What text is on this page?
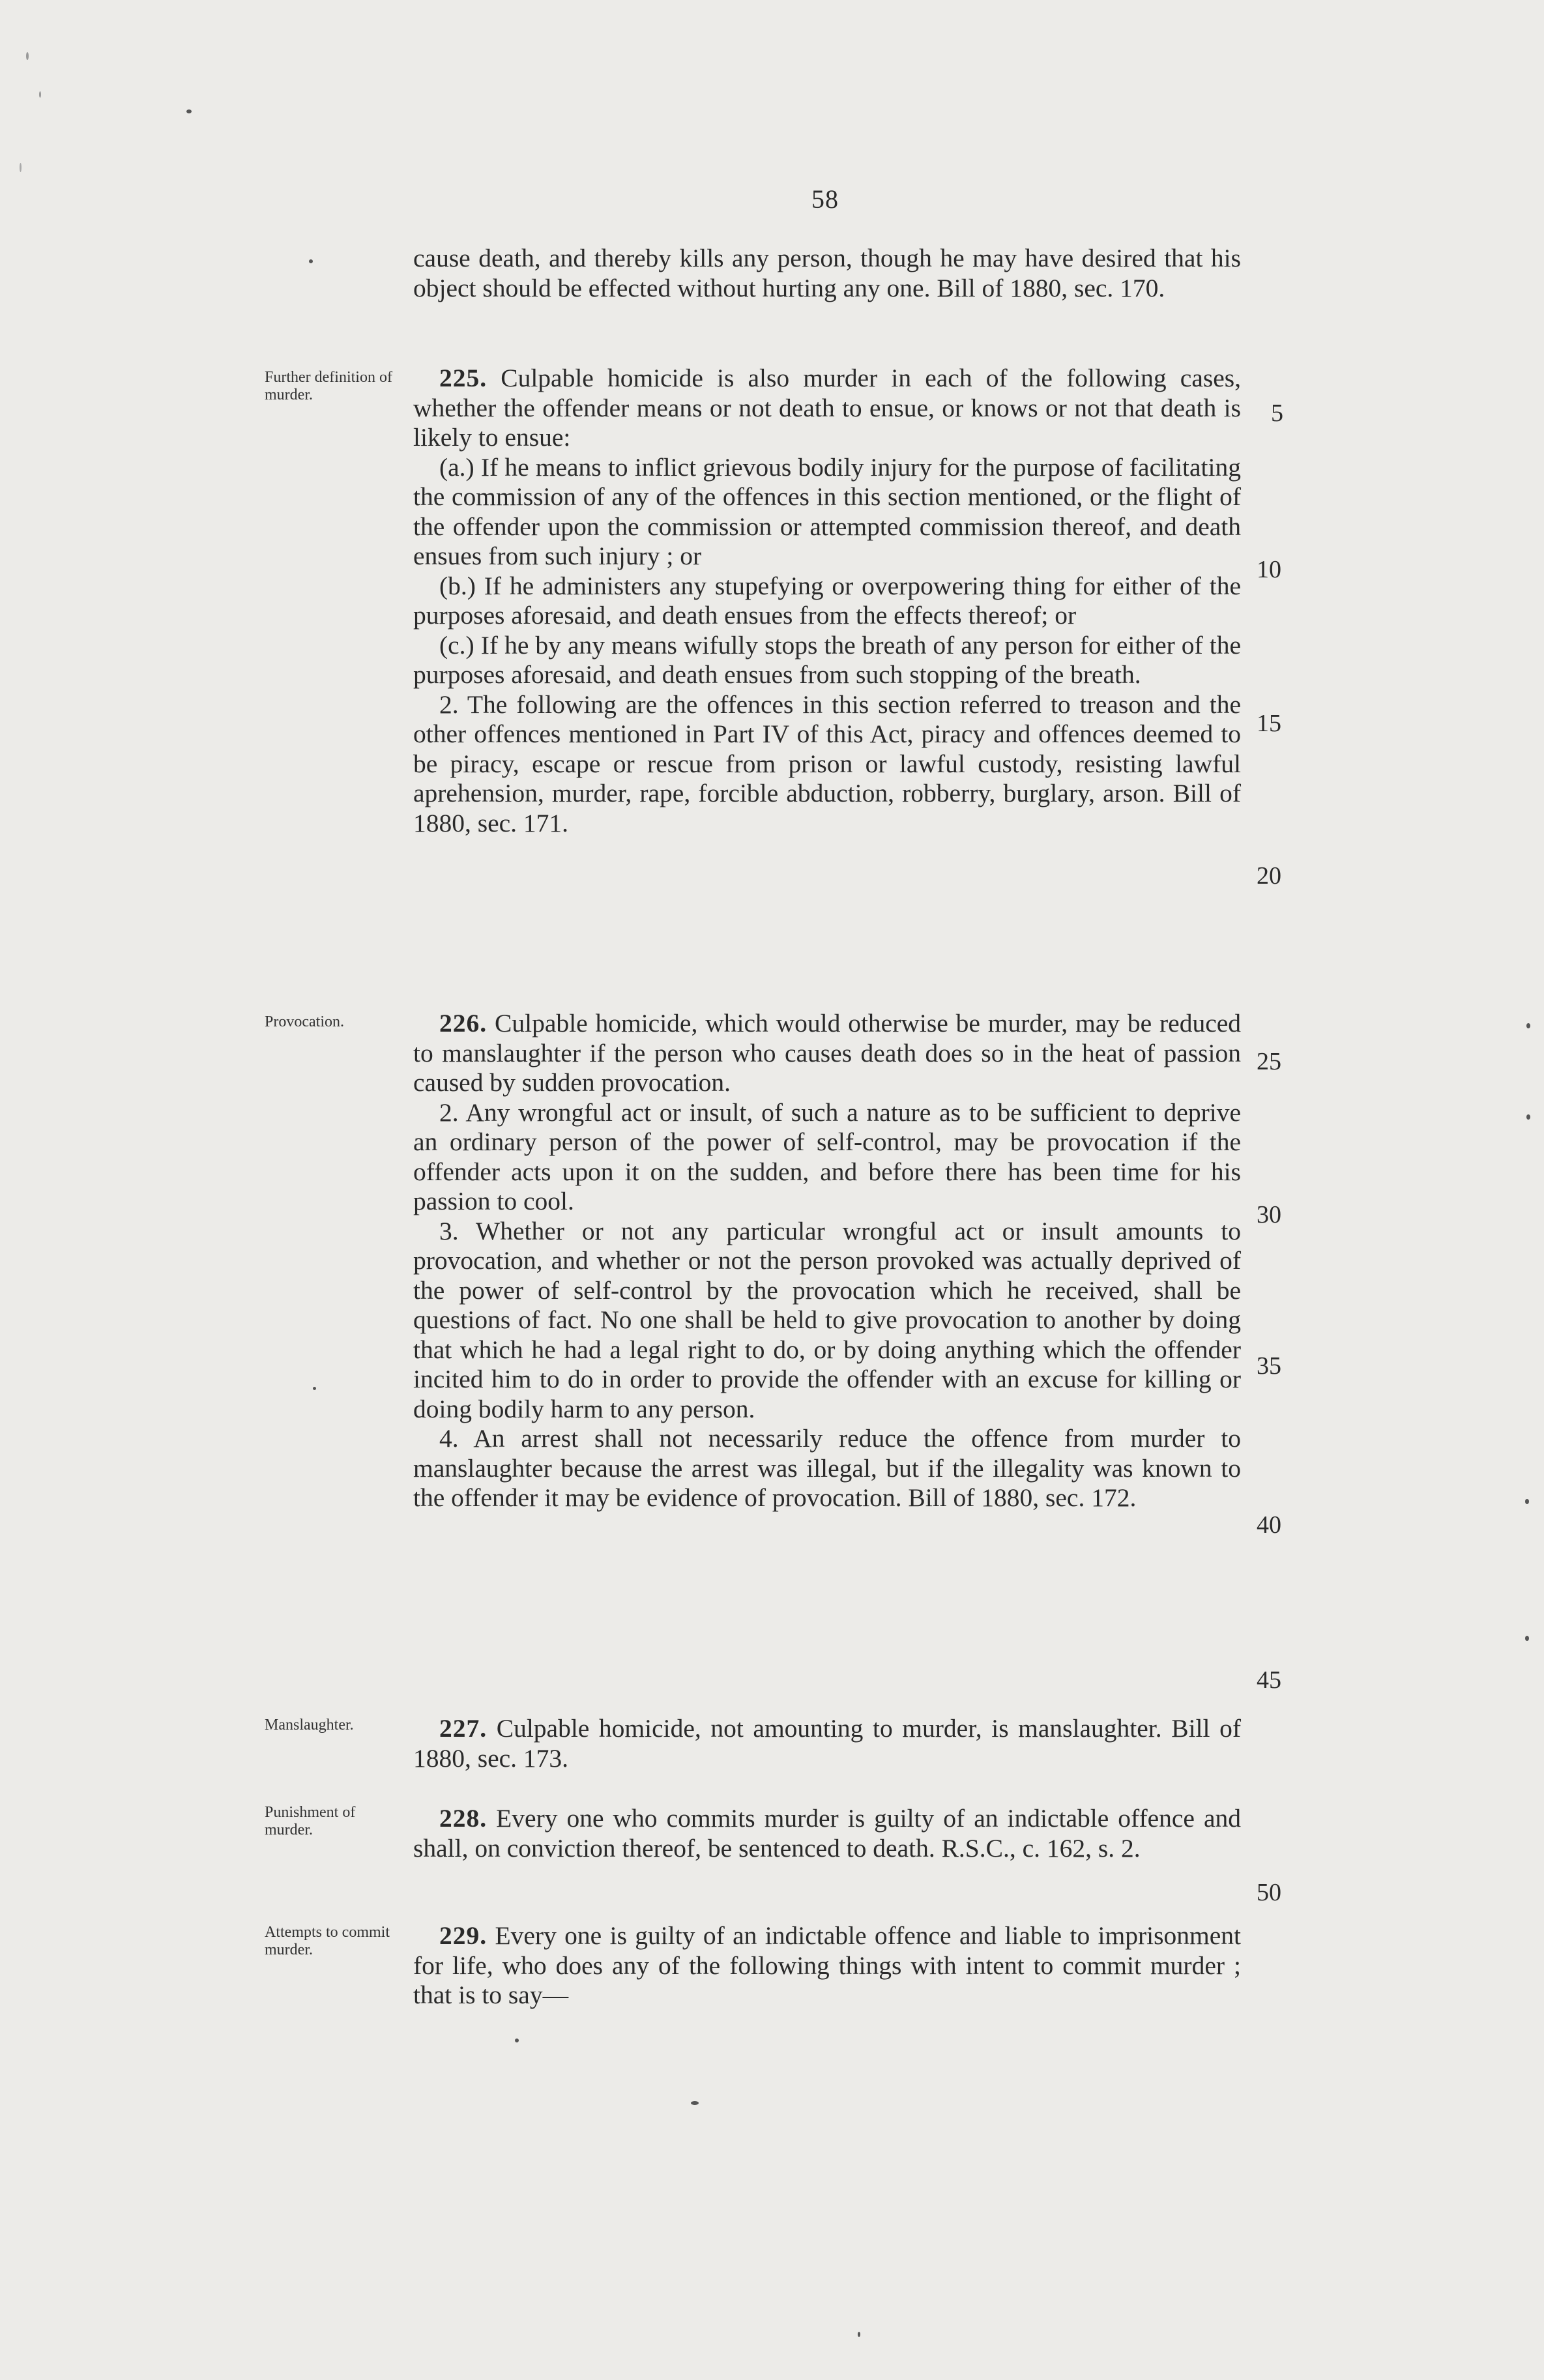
58

cause death, and thereby kills any person, though he may have desired that his object should be effected without hurting any one. Bill of 1880, sec. 170.

Further definition of murder.

225. Culpable homicide is also murder in each of the following cases, whether the offender means or not death to ensue, or knows or not that death is likely to ensue:

(a.) If he means to inflict grievous bodily injury for the purpose of facilitating the commission of any of the offences in this section mentioned, or the flight of the offender upon the commission or attempted commission thereof, and death ensues from such injury ; or

(b.) If he administers any stupefying or overpowering thing for either of the purposes aforesaid, and death ensues from the effects thereof; or

(c.) If he by any means wifully stops the breath of any person for either of the purposes aforesaid, and death ensues from such stopping of the breath.

2. The following are the offences in this section referred to treason and the other offences mentioned in Part IV of this Act, piracy and offences deemed to be piracy, escape or rescue from prison or lawful custody, resisting lawful aprehension, murder, rape, forcible abduction, robberry, burglary, arson. Bill of 1880, sec. 171.

Provocation.	226. Culpable homicide, which would otherwise be murder, may be reduced to manslaughter if the person who causes death does so in the heat of passion caused by sudden provocation.

2. Any wrongful act or insult, of such a nature as to be sufficient to deprive an ordinary person of the power of self-control, may be provocation if the offender acts upon it on the sudden, and before there has been time for his passion to cool.

3. Whether or not any particular wrongful act or insult amounts to provocation, and whether or not the person provoked was actually deprived of the power of self-control by the provocation which he received, shall be questions of fact. No one shall be held to give provocation to another by doing that which he had a legal right to do, or by doing anything which the offender incited him to do in order to provide the offender with an excuse for killing or doing bodily harm to any person.

4. An arrest shall not necessarily reduce the offence from murder to manslaughter because the arrest was illegal, but if the illegality was known to the offender it may be evidence of provocation. Bill of 1880, sec. 172.

Manslaughter.	227. Culpable homicide, not amounting to murder, is manslaughter. Bill of 1880, sec. 173.

Punishment of murder.	228. Every one who commits murder is guilty of an indictable offence and shall, on conviction thereof, be sentenced to death. R.S.C., c. 162, s. 2.

Attempts to commit murder.	229. Every one is guilty of an indictable offence and liable to imprisonment for life, who does any of the following things with intent to commit murder ; that is to say—

5
10
15
20
25
30
35
40
45
50
